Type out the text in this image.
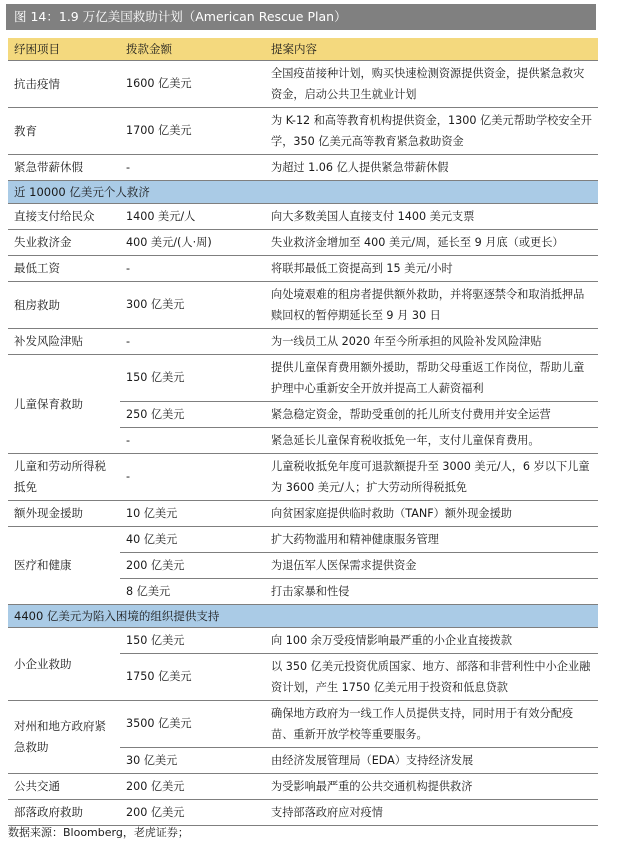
图 14：1.9 万亿美国救助计划（American Rescue Plan）
纾困项目	拨款金额	提案内容
抗击疫情	1600 亿美元	全国疫苗接种计划，购买快速检测资源提供资金，提供紧急救灾资金，启动公共卫生就业计划
教育	1700 亿美元	为 K-12 和高等教育机构提供资金，1300 亿美元帮助学校安全开学，350 亿美元高等教育紧急救助资金
紧急带薪休假	-	为超过 1.06 亿人提供紧急带薪休假
近 10000 亿美元个人救济		
直接支付给民众	1400 美元/人	向大多数美国人直接支付 1400 美元支票
失业救济金	400 美元/(人·周)	失业救济金增加至 400 美元/周，延长至 9 月底（或更长）
最低工资	-	将联邦最低工资提高到 15 美元/小时
租房救助	300 亿美元	向处境艰难的租房者提供额外救助，并将驱逐禁令和取消抵押品赎回权的暂停期延长至 9 月 30 日
补发风险津贴	-	为一线员工从 2020 年至今所承担的风险补发风险津贴
儿童保育救助	150 亿美元	提供儿童保育费用额外援助，帮助父母重返工作岗位，帮助儿童护理中心重新安全开放并提高工人薪资福利
	250 亿美元	紧急稳定资金，帮助受重创的托儿所支付费用并安全运营
	-	紧急延长儿童保育税收抵免一年，支付儿童保育费用。
儿童和劳动所得税抵免	-	儿童税收抵免年度可退款额提升至 3000 美元/人，6 岁以下儿童为 3600 美元/人；扩大劳动所得税抵免
额外现金援助	10 亿美元	向贫困家庭提供临时救助（TANF）额外现金援助
医疗和健康	40 亿美元	扩大药物滥用和精神健康服务管理
	200 亿美元	为退伍军人医保需求提供资金
	8 亿美元	打击家暴和性侵
4400 亿美元为陷入困境的组织提供支持		
小企业救助	150 亿美元	向 100 余万受疫情影响最严重的小企业直接拨款
	1750 亿美元	以 350 亿美元投资优质国家、地方、部落和非营利性中小企业融资计划，产生 1750 亿美元用于投资和低息贷款
对州和地方政府紧急救助	3500 亿美元	确保地方政府为一线工作人员提供支持，同时用于有效分配疫苗、重新开放学校等重要服务。
	30 亿美元	由经济发展管理局（EDA）支持经济发展
公共交通	200 亿美元	为受影响最严重的公共交通机构提供救济
部落政府救助	200 亿美元	支持部落政府应对疫情
数据来源：Bloomberg，老虎证券；
